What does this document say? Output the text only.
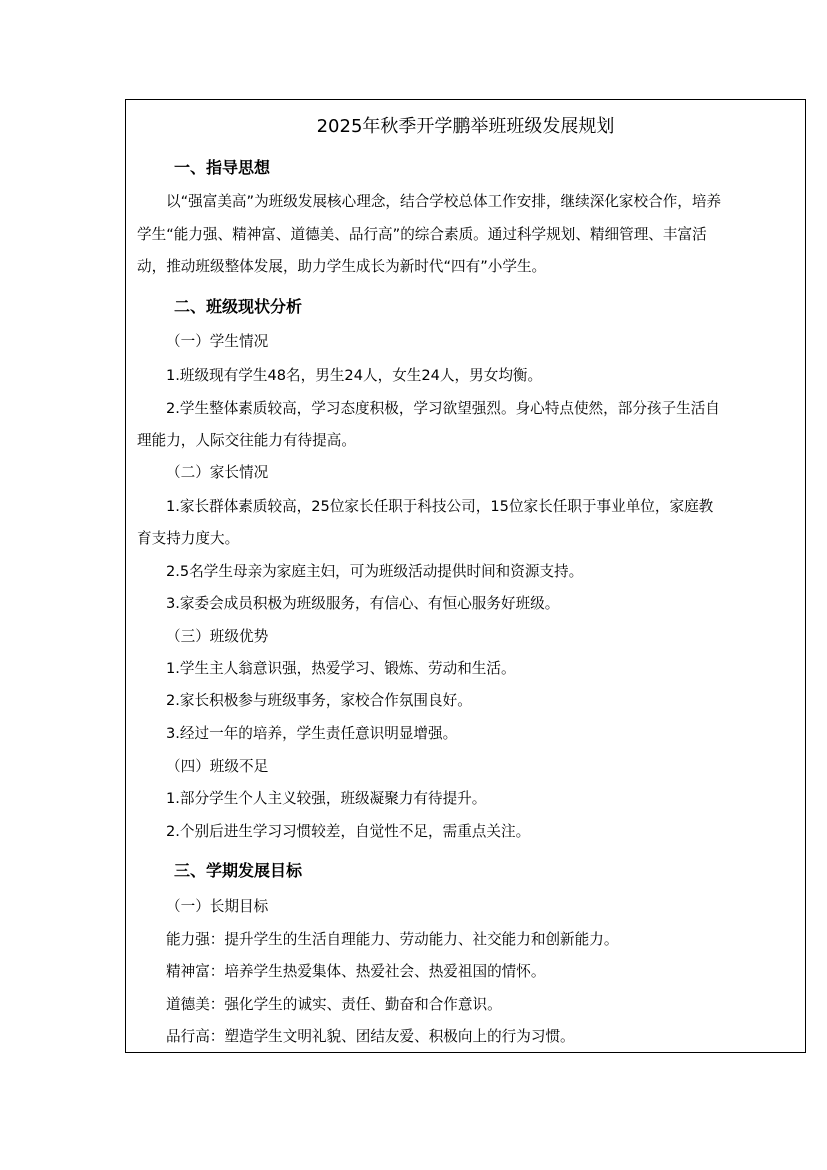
2025年秋季开学鹏举班班级发展规划
一、指导思想
以“强富美高”为班级发展核心理念，结合学校总体工作安排，继续深化家校合作，培养
学生“能力强、精神富、道德美、品行高”的综合素质。通过科学规划、精细管理、丰富活
动，推动班级整体发展，助力学生成长为新时代“四有”小学生。
二、班级现状分析
（一）学生情况
1.班级现有学生48名，男生24人，女生24人，男女均衡。
2.学生整体素质较高，学习态度积极，学习欲望强烈。身心特点使然，部分孩子生活自
理能力，人际交往能力有待提高。
（二）家长情况
1.家长群体素质较高，25位家长任职于科技公司，15位家长任职于事业单位，家庭教
育支持力度大。
2.5名学生母亲为家庭主妇，可为班级活动提供时间和资源支持。
3.家委会成员积极为班级服务，有信心、有恒心服务好班级。
（三）班级优势
1.学生主人翁意识强，热爱学习、锻炼、劳动和生活。
2.家长积极参与班级事务，家校合作氛围良好。
3.经过一年的培养，学生责任意识明显增强。
（四）班级不足
1.部分学生个人主义较强，班级凝聚力有待提升。
2.个别后进生学习习惯较差，自觉性不足，需重点关注。
三、学期发展目标
（一）长期目标
能力强：提升学生的生活自理能力、劳动能力、社交能力和创新能力。
精神富：培养学生热爱集体、热爱社会、热爱祖国的情怀。
道德美：强化学生的诚实、责任、勤奋和合作意识。
品行高：塑造学生文明礼貌、团结友爱、积极向上的行为习惯。
